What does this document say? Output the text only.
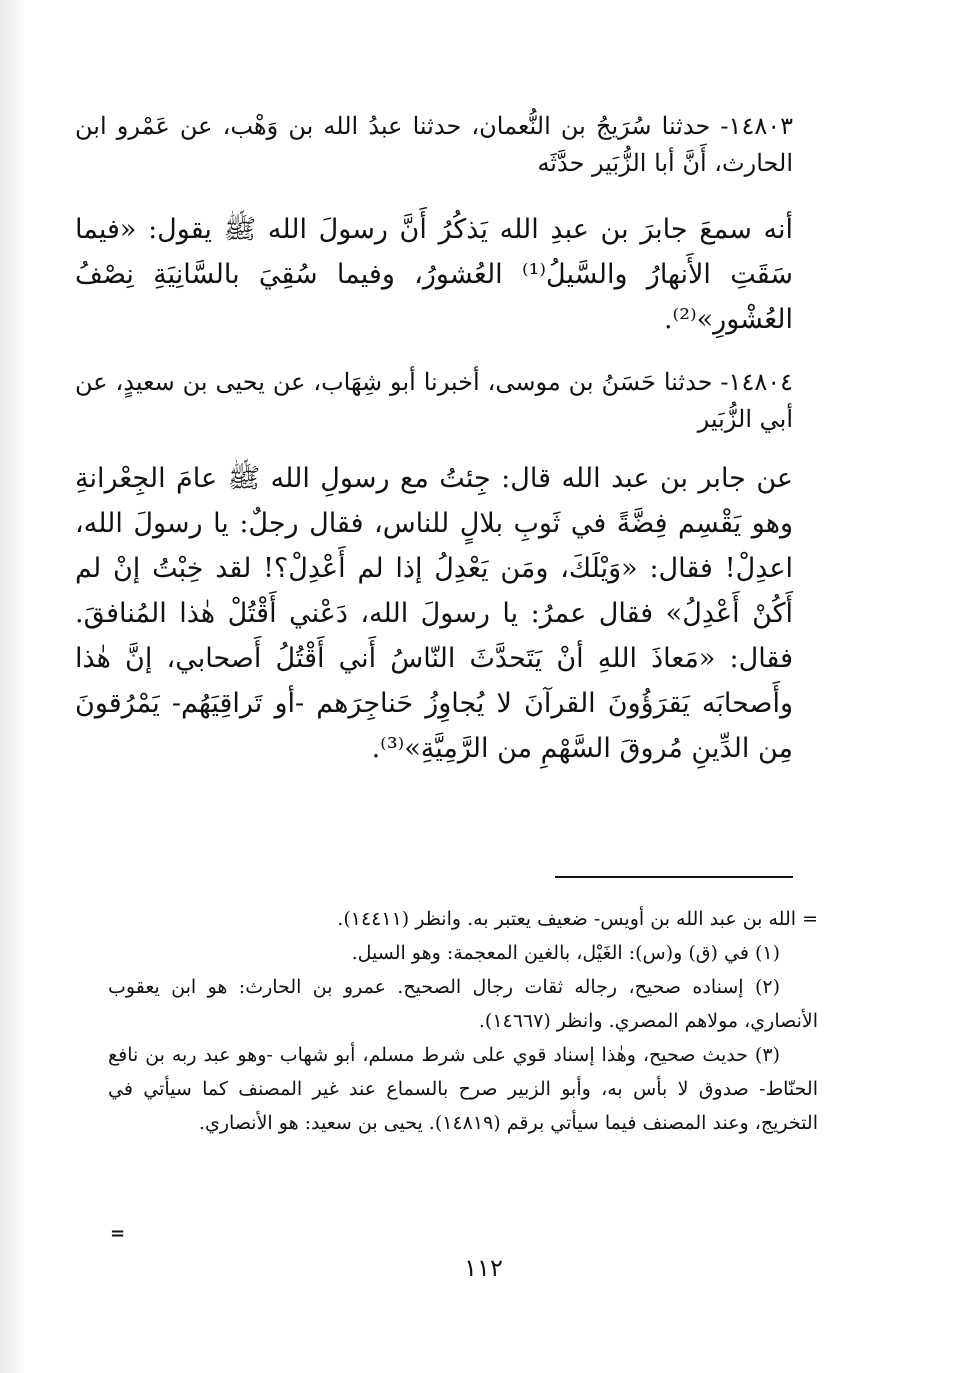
١٤٨٠٣- حدثنا سُرَيجُ بن النُّعمان، حدثنا عبدُ الله بن وَهْب، عن عَمْرو ابن الحارث، أَنَّ أبا الزُّبَير حدَّثَه

أنه سمعَ جابرَ بن عبدِ الله يَذكُرُ أَنَّ رسولَ الله ﷺ يقول: «فيما سَقَتِ الأَنهارُ والسَّيلُ⁽¹⁾ العُشورُ، وفيما سُقِيَ بالسَّانِيَةِ نِصْفُ العُشْورِ»⁽²⁾.

١٤٨٠٤- حدثنا حَسَنُ بن موسى، أخبرنا أبو شِهَاب، عن يحيى بن سعيدٍ، عن أبي الزُّبَير

عن جابر بن عبد الله قال: جِئتُ مع رسولِ الله ﷺ عامَ الجِعْرانةِ وهو يَقْسِم فِضَّةً في ثَوبِ بلالٍ للناس، فقال رجلٌ: يا رسولَ الله، اعدِلْ! فقال: «وَيْلَكَ، ومَن يَعْدِلُ إذا لم أَعْدِلْ؟! لقد خِبْتُ إنْ لم أَكُنْ أَعْدِلُ» فقال عمرُ: يا رسولَ الله، دَعْني أَقْتُلْ هٰذا المُنافقَ. فقال: «مَعاذَ اللهِ أنْ يَتَحدَّثَ النّاسُ أَني أَقْتُلُ أَصحابي، إنَّ هٰذا وأَصحابَه يَقرَؤُونَ القرآنَ لا يُجاوِزُ حَناجِرَهم -أو تَراقِيَهُم- يَمْرُقونَ مِن الدِّينِ مُروقَ السَّهْمِ من الرَّمِيَّةِ»⁽³⁾.

= الله بن عبد الله بن أويس- ضعيف يعتبر به. وانظر (١٤٤١١).

(١) في (ق) و(س): الغَيْل، بالغين المعجمة: وهو السيل.

(٢) إسناده صحيح، رجاله ثقات رجال الصحيح. عمرو بن الحارث: هو ابن يعقوب الأنصاري، مولاهم المصري. وانظر (١٤٦٦٧).

(٣) حديث صحيح، وهٰذا إسناد قوي على شرط مسلم، أبو شهاب -وهو عبد ربه بن نافع الحنّاط- صدوق لا بأس به، وأبو الزبير صرح بالسماع عند غير المصنف كما سيأتي في التخريج، وعند المصنف فيما سيأتي برقم (١٤٨١٩). يحيى بن سعيد: هو الأنصاري.

=
١١٢
